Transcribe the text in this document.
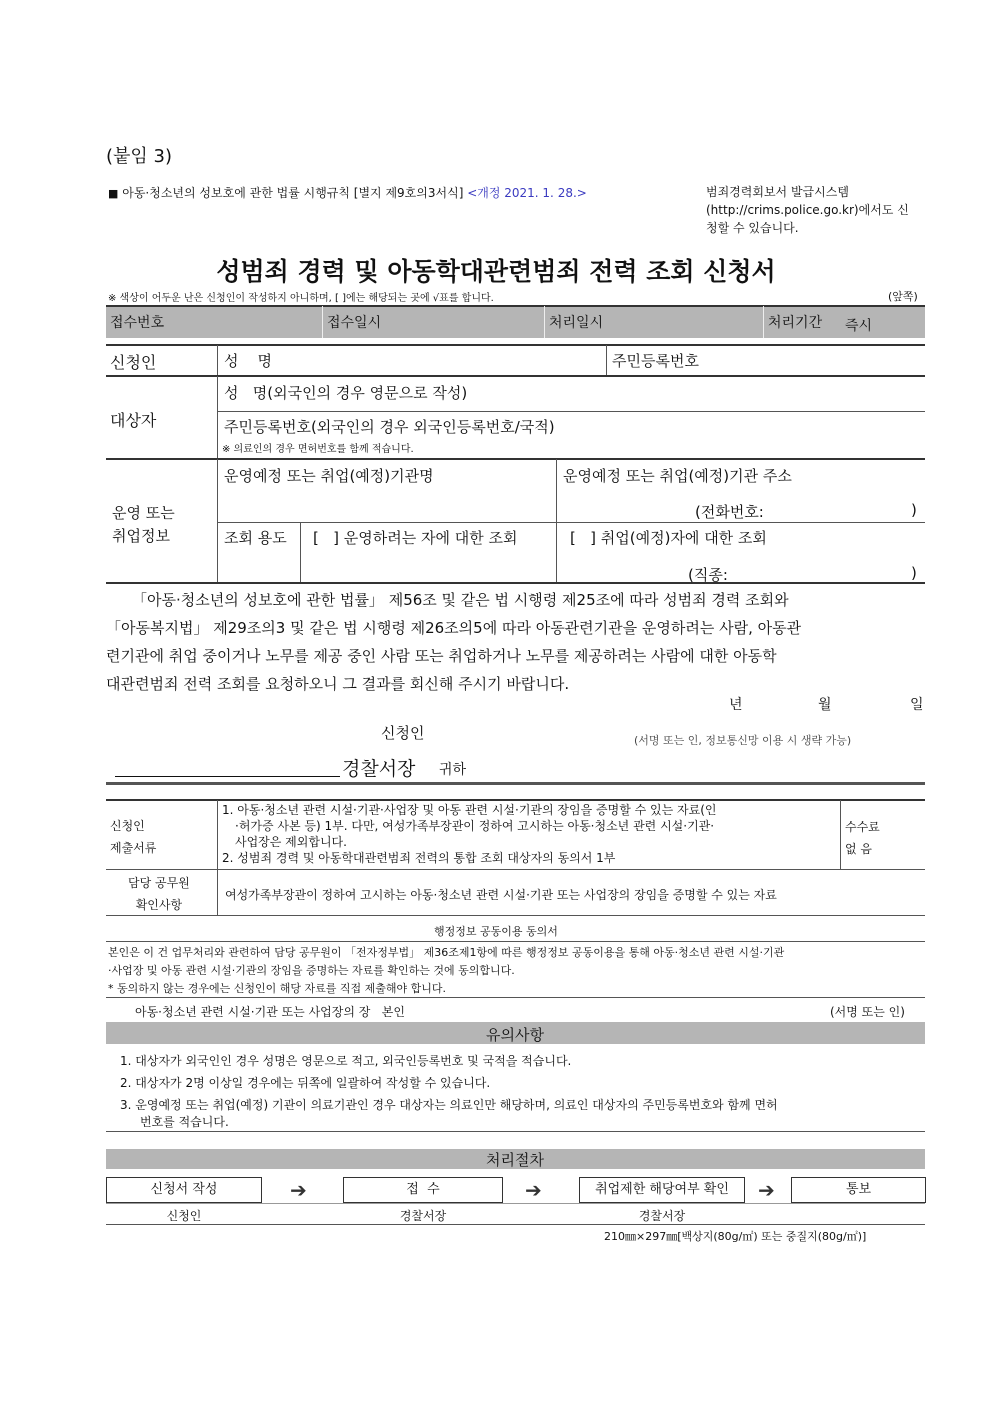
(붙임 3)
■ 아동·청소년의 성보호에 관한 법률 시행규칙 [별지 제9호의3서식] <개정 2021. 1. 28.>	범죄경력회보서 발급시스템
(http://crims.police.go.kr)에서도 신
청할 수 있습니다.
성범죄 경력 및 아동학대관련범죄 전력 조회 신청서
※ 색상이 어두운 난은 신청인이 작성하지 아니하며, [ ]에는 해당되는 곳에 √표를 합니다.	(앞쪽)
접수번호	접수일시	처리일시	처리기간 즉시
신청인	성    명	주민등록번호
대상자
성   명(외국인의 경우 영문으로 작성)
주민등록번호(외국인의 경우 외국인등록번호/국적)
※ 의료인의 경우 면허번호를 함께 적습니다.
운영 또는
취업정보
운영예정 또는 취업(예정)기관명	운영예정 또는 취업(예정)기관 주소
(전화번호:	)
조회 용도 [   ] 운영하려는 자에 대한 조회	[   ] 취업(예정)자에 대한 조회
(직종:	)
「아동·청소년의 성보호에 관한 법률」 제56조 및 같은 법 시행령 제25조에 따라 성범죄 경력 조회와
「아동복지법」 제29조의3 및 같은 법 시행령 제26조의5에 따라 아동관련기관을 운영하려는 사람, 아동관
련기관에 취업 중이거나 노무를 제공 중인 사람 또는 취업하거나 노무를 제공하려는 사람에 대한 아동학
대관련범죄 전력 조회를 요청하오니 그 결과를 회신해 주시기 바랍니다.
년	월	일
신청인	(서명 또는 인, 정보통신망 이용 시 생략 가능)
경찰서장 귀하
신청인
제출서류
1. 아동·청소년 관련 시설·기관·사업장 및 아동 관련 시설·기관의 장임을 증명할 수 있는 자료(인
·허가증 사본 등) 1부. 다만, 여성가족부장관이 정하여 고시하는 아동·청소년 관련 시설·기관·
사업장은 제외합니다.
2. 성범죄 경력 및 아동학대관련범죄 전력의 통합 조회 대상자의 동의서 1부
수수료
없 음
담당 공무원
확인사항
여성가족부장관이 정하여 고시하는 아동·청소년 관련 시설·기관 또는 사업장의 장임을 증명할 수 있는 자료
행정정보 공동이용 동의서
본인은 이 건 업무처리와 관련하여 담당 공무원이 「전자정부법」 제36조제1항에 따른 행정정보 공동이용을 통해 아동·청소년 관련 시설·기관
·사업장 및 아동 관련 시설·기관의 장임을 증명하는 자료를 확인하는 것에 동의합니다.
* 동의하지 않는 경우에는 신청인이 해당 자료를 직접 제출해야 합니다.
아동·청소년 관련 시설·기관 또는 사업장의 장   본인	(서명 또는 인)
유의사항
1. 대상자가 외국인인 경우 성명은 영문으로 적고, 외국인등록번호 및 국적을 적습니다.
2. 대상자가 2명 이상일 경우에는 뒤쪽에 일괄하여 작성할 수 있습니다.
3. 운영예정 또는 취업(예정) 기관이 의료기관인 경우 대상자는 의료인만 해당하며, 의료인 대상자의 주민등록번호와 함께 면허
번호를 적습니다.
처리절차
신청서 작성	➔	접  수	➔	취업제한 해당여부 확인	➔	통보
신청인	경찰서장	경찰서장
210㎜×297㎜[백상지(80g/㎡) 또는 중질지(80g/㎡)]
